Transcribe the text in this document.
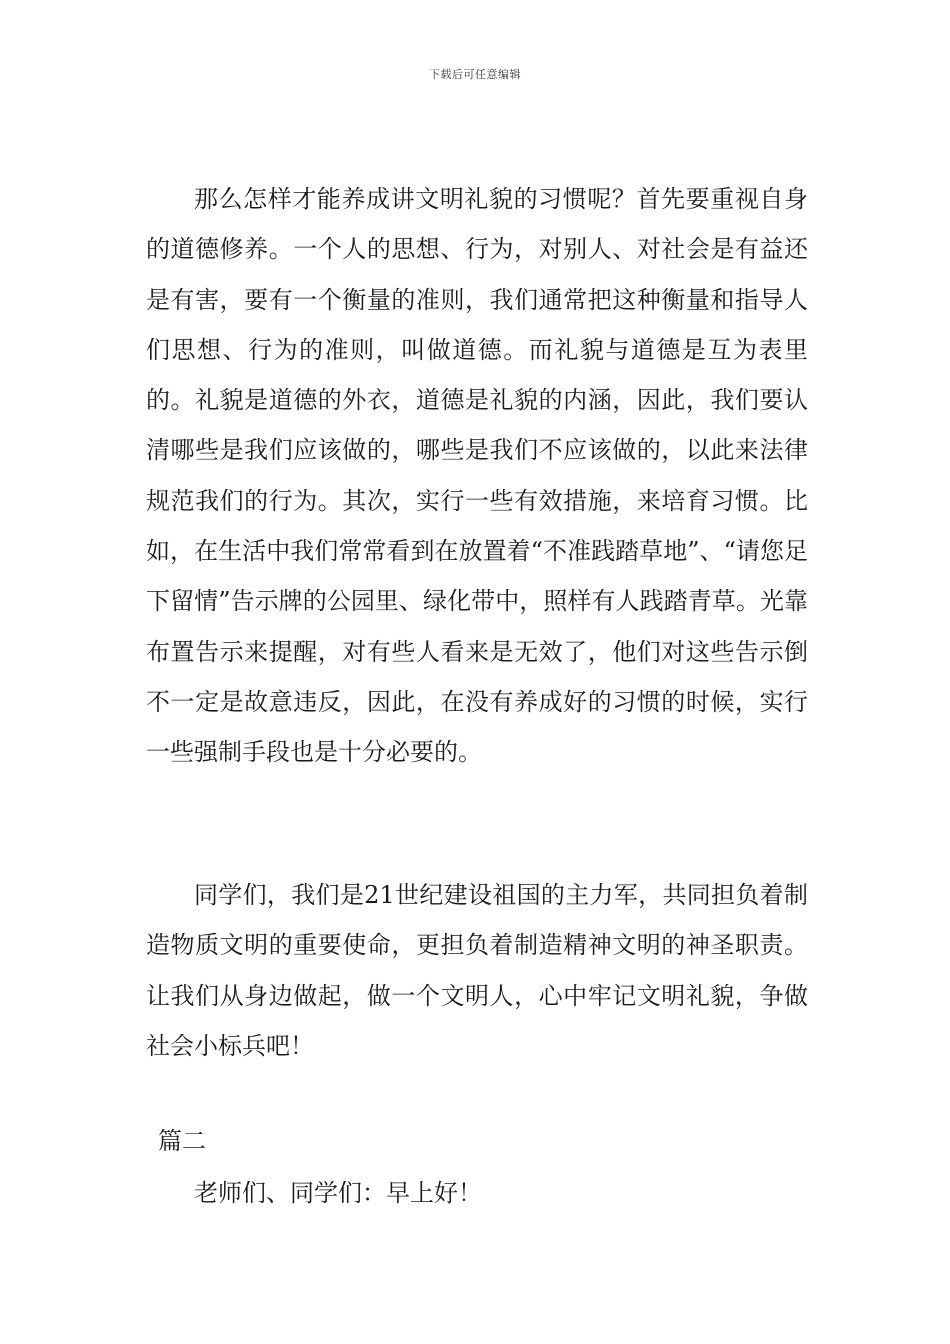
下载后可任意编辑

那么怎样才能养成讲文明礼貌的习惯呢？首先要重视自身的道德修养。一个人的思想、行为，对别人、对社会是有益还是有害，要有一个衡量的准则，我们通常把这种衡量和指导人们思想、行为的准则，叫做道德。而礼貌与道德是互为表里的。礼貌是道德的外衣，道德是礼貌的内涵，因此，我们要认清哪些是我们应该做的，哪些是我们不应该做的，以此来法律规范我们的行为。其次，实行一些有效措施，来培育习惯。比如，在生活中我们常常看到在放置着“不准践踏草地”、“请您足下留情”告示牌的公园里、绿化带中，照样有人践踏青草。光靠布置告示来提醒，对有些人看来是无效了，他们对这些告示倒不一定是故意违反，因此，在没有养成好的习惯的时候，实行一些强制手段也是十分必要的。

同学们，我们是21世纪建设祖国的主力军，共同担负着制造物质文明的重要使命，更担负着制造精神文明的神圣职责。让我们从身边做起，做一个文明人，心中牢记文明礼貌，争做社会小标兵吧！

篇二
老师们、同学们：早上好！
